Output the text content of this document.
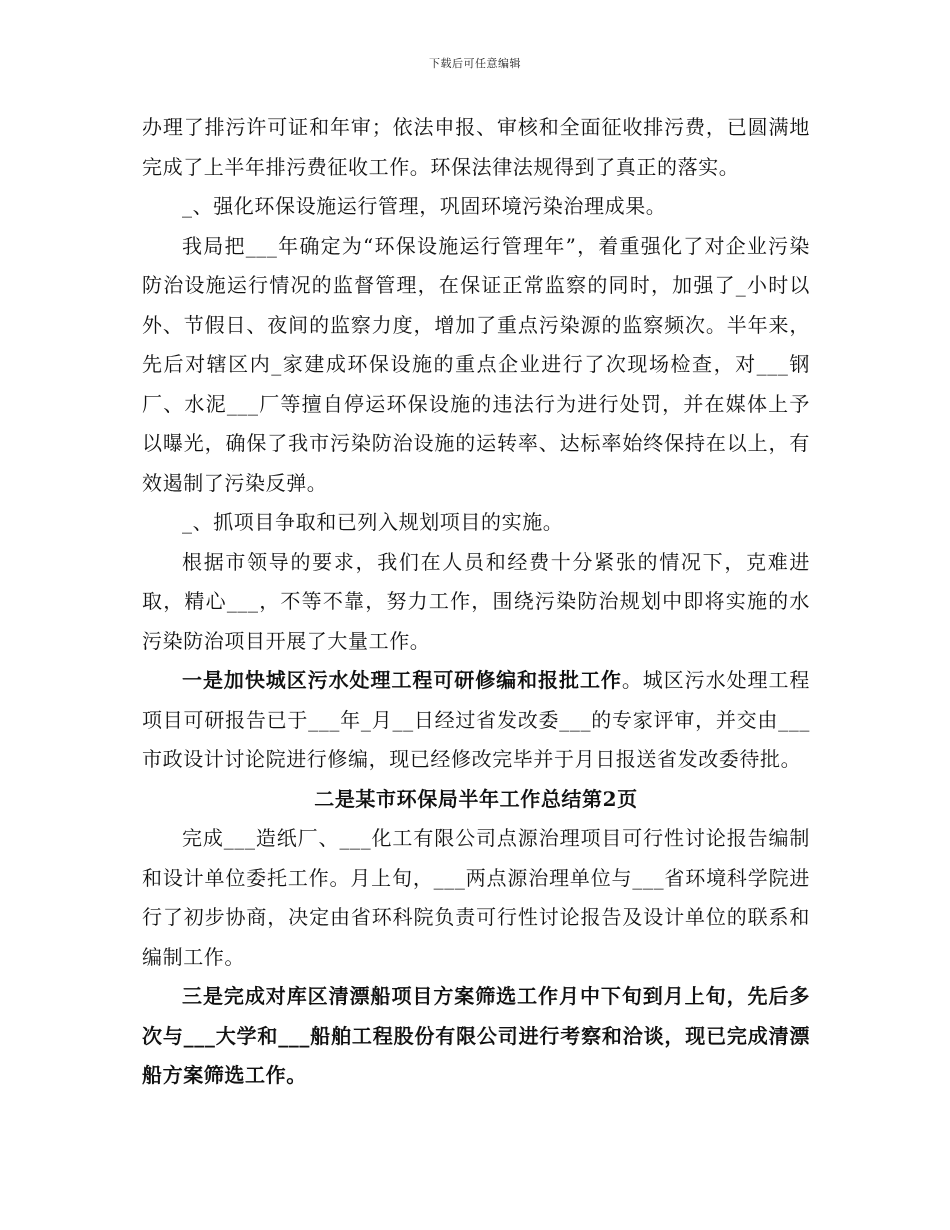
下载后可任意编辑

办理了排污许可证和年审；依法申报、审核和全面征收排污费，已圆满地完成了上半年排污费征收工作。环保法律法规得到了真正的落实。

_、强化环保设施运行管理，巩固环境污染治理成果。

我局把___年确定为“环保设施运行管理年”，着重强化了对企业污染防治设施运行情况的监督管理，在保证正常监察的同时，加强了_小时以外、节假日、夜间的监察力度，增加了重点污染源的监察频次。半年来，先后对辖区内_家建成环保设施的重点企业进行了次现场检查，对___钢厂、水泥___厂等擅自停运环保设施的违法行为进行处罚，并在媒体上予以曝光，确保了我市污染防治设施的运转率、达标率始终保持在以上，有效遏制了污染反弹。

_、抓项目争取和已列入规划项目的实施。

根据市领导的要求，我们在人员和经费十分紧张的情况下，克难进取，精心___，不等不靠，努力工作，围绕污染防治规划中即将实施的水污染防治项目开展了大量工作。

一是加快城区污水处理工程可研修编和报批工作。城区污水处理工程项目可研报告已于___年_月__日经过省发改委___的专家评审，并交由___市政设计讨论院进行修编，现已经修改完毕并于月日报送省发改委待批。

二是某市环保局半年工作总结第2页

完成___造纸厂、___化工有限公司点源治理项目可行性讨论报告编制和设计单位委托工作。月上旬，___两点源治理单位与___省环境科学院进行了初步协商，决定由省环科院负责可行性讨论报告及设计单位的联系和编制工作。

三是完成对库区清漂船项目方案筛选工作月中下旬到月上旬，先后多次与___大学和___船舶工程股份有限公司进行考察和洽谈，现已完成清漂船方案筛选工作。
